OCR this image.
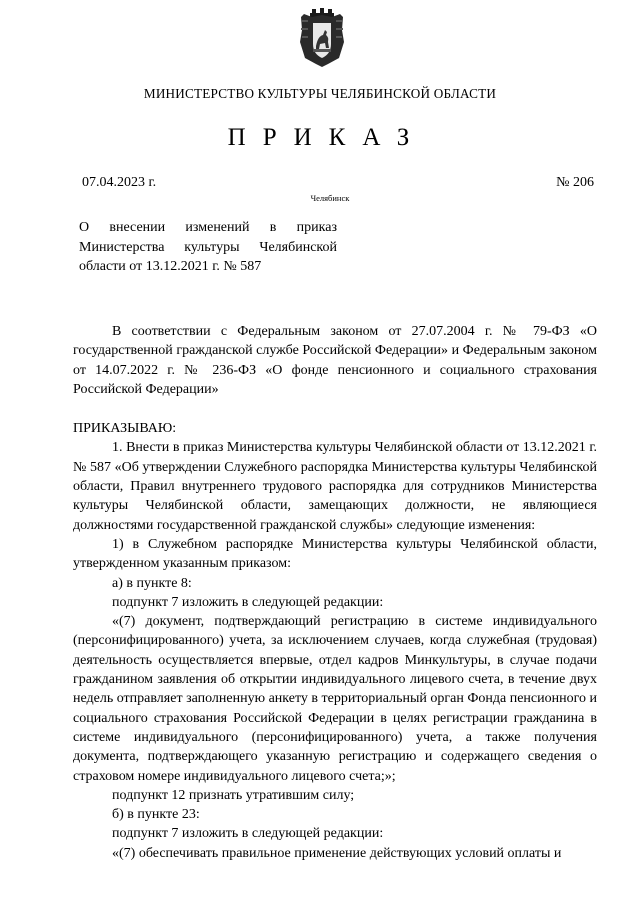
МИНИСТЕРСТВО КУЛЬТУРЫ ЧЕЛЯБИНСКОЙ ОБЛАСТИ
ПРИКАЗ
07.04.2023 г.	№ 206
Челябинск
О внесении изменений в приказ Министерства культуры Челябинской области от 13.12.2021 г. № 587

В соответствии с Федеральным законом от 27.07.2004 г. № 79-ФЗ «О государственной гражданской службе Российской Федерации» и Федеральным законом от 14.07.2022 г. № 236-ФЗ «О фонде пенсионного и социального страхования Российской Федерации»

ПРИКАЗЫВАЮ:

1. Внести в приказ Министерства культуры Челябинской области от 13.12.2021 г. № 587 «Об утверждении Служебного распорядка Министерства культуры Челябинской области, Правил внутреннего трудового распорядка для сотрудников Министерства культуры Челябинской области, замещающих должности, не являющиеся должностями государственной гражданской службы» следующие изменения:

1) в Служебном распорядке Министерства культуры Челябинской области, утвержденном указанным приказом:

а) в пункте 8:

подпункт 7 изложить в следующей редакции:

«(7) документ, подтверждающий регистрацию в системе индивидуального (персонифицированного) учета, за исключением случаев, когда служебная (трудовая) деятельность осуществляется впервые, отдел кадров Минкультуры, в случае подачи гражданином заявления об открытии индивидуального лицевого счета, в течение двух недель отправляет заполненную анкету в территориальный орган Фонда пенсионного и социального страхования Российской Федерации в целях регистрации гражданина в системе индивидуального (персонифицированного) учета, а также получения документа, подтверждающего указанную регистрацию и содержащего сведения о страховом номере индивидуального лицевого счета;»;

подпункт 12 признать утратившим силу;

б) в пункте 23:

подпункт 7 изложить в следующей редакции:

«(7) обеспечивать правильное применение действующих условий оплаты и
